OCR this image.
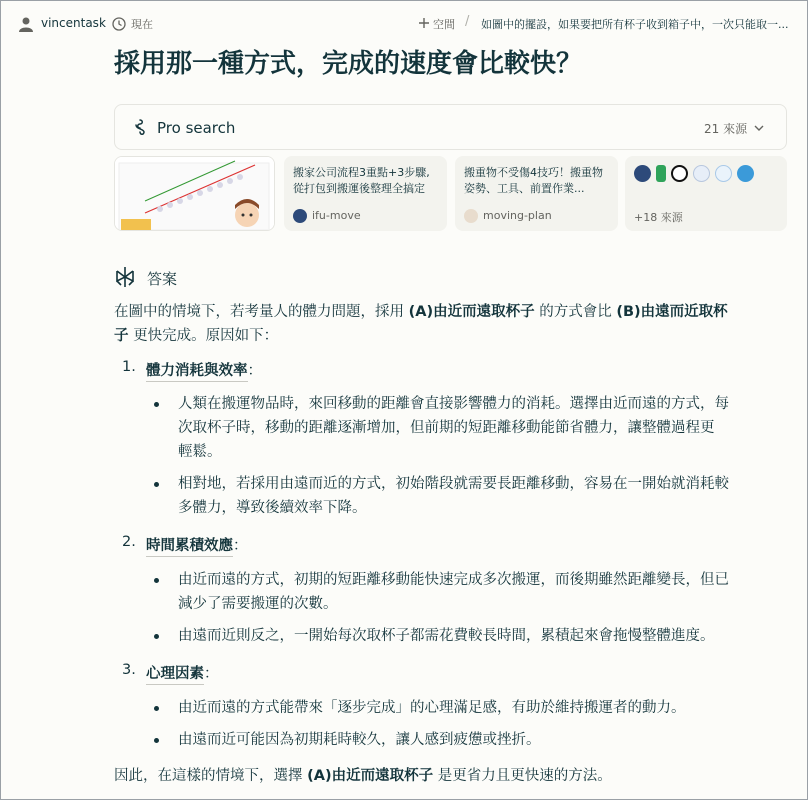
採用那一種方式，完成的速度會比較快？
vincentask 現在	空間 / 如圖中的擺設，如果要把所有杯子收到箱子中，一次只能取一...
Pro search	21 來源
搬家公司流程3重點+3步驟,從打包到搬運後整理全搞定
ifu-move
搬重物不受傷4技巧！搬重物姿勢、工具、前置作業...
moving-plan	+18 來源
答案
在圖中的情境下，若考量人的體力問題，採用 (A)由近而遠取杯子 的方式會比 (B)由遠而近取杯
子 更快完成。原因如下：
1. 體力消耗與效率：
人類在搬運物品時，來回移動的距離會直接影響體力的消耗。選擇由近而遠的方式，每
次取杯子時，移動的距離逐漸增加，但前期的短距離移動能節省體力，讓整體過程更
輕鬆。
相對地，若採用由遠而近的方式，初始階段就需要長距離移動，容易在一開始就消耗較
多體力，導致後續效率下降。
2. 時間累積效應：
由近而遠的方式，初期的短距離移動能快速完成多次搬運，而後期雖然距離變長，但已
減少了需要搬運的次數。
由遠而近則反之，一開始每次取杯子都需花費較長時間，累積起來會拖慢整體進度。
3. 心理因素：
由近而遠的方式能帶來「逐步完成」的心理滿足感，有助於維持搬運者的動力。
由遠而近可能因為初期耗時較久，讓人感到疲憊或挫折。
因此，在這樣的情境下，選擇 (A)由近而遠取杯子 是更省力且更快速的方法。
